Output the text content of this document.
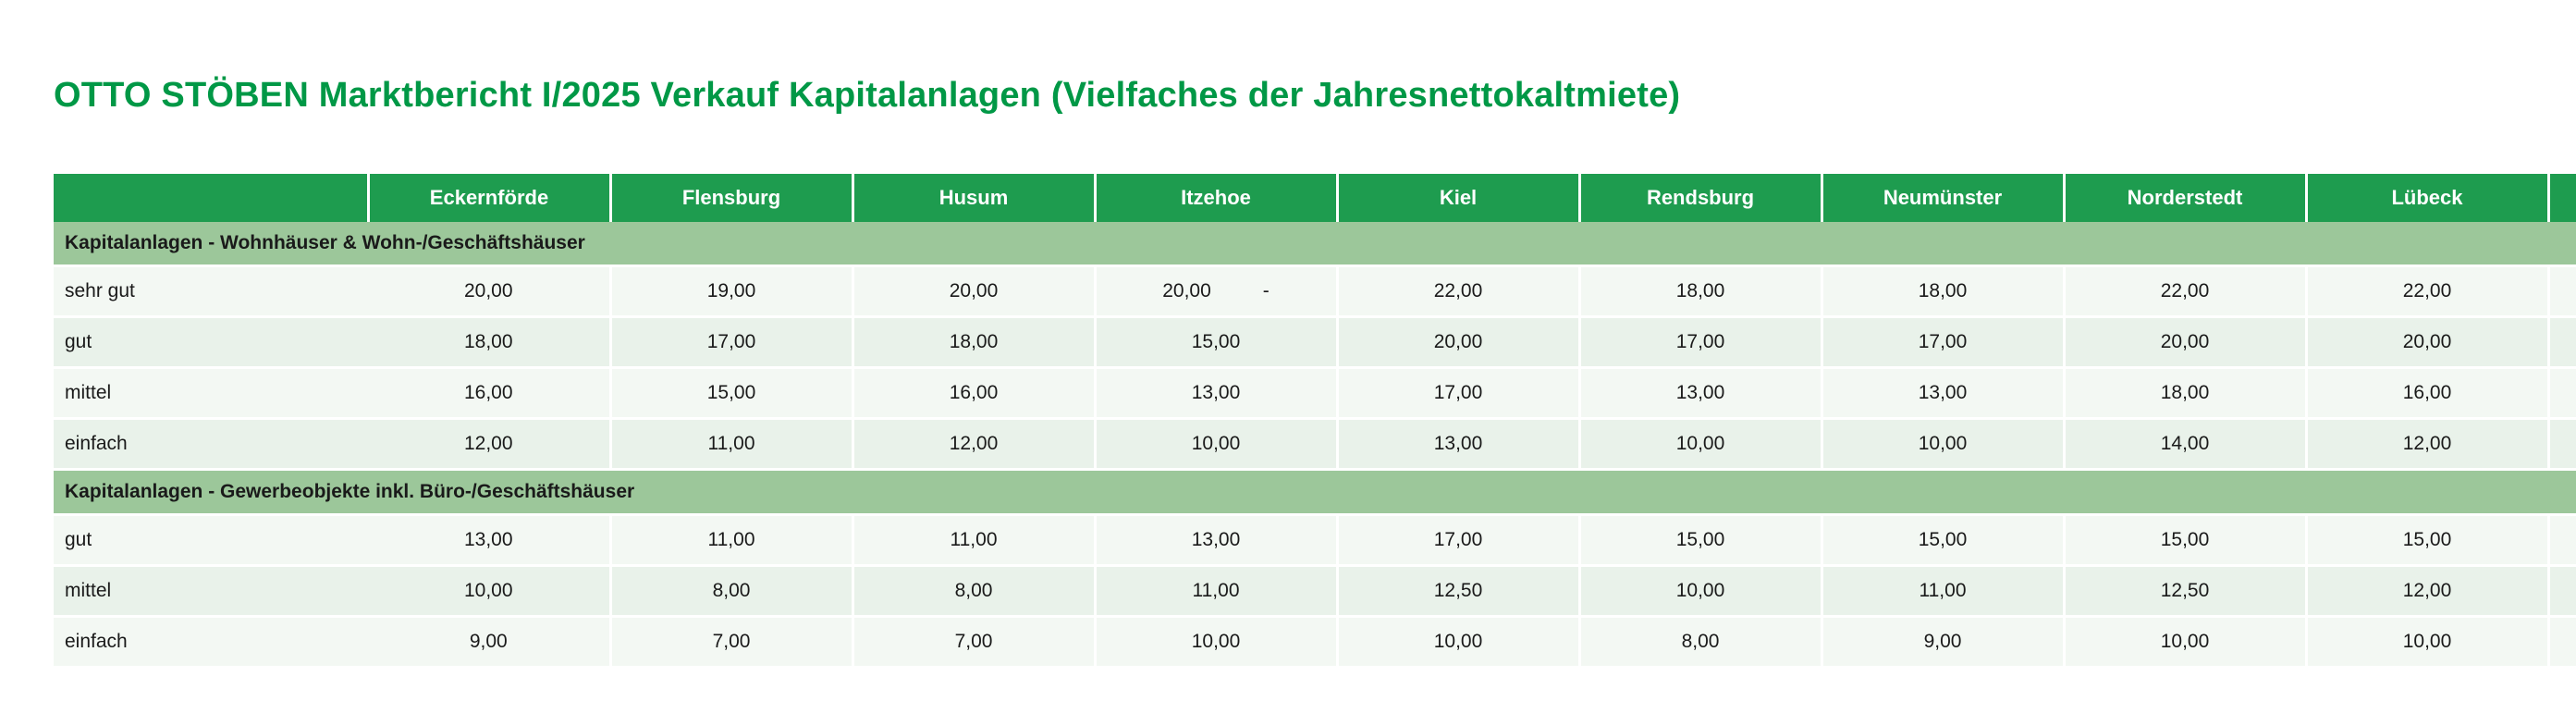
OTTO STÖBEN Marktbericht I/2025 Verkauf Kapitalanlagen (Vielfaches der Jahresnettokaltmiete)
	Eckernförde	Flensburg	Husum	Itzehoe	Kiel	Rendsburg	Neumünster	Norderstedt	Lübeck	
Kapitalanlagen - Wohnhäuser & Wohn-/Geschäftshäuser										
sehr gut	20,00	19,00	20,00	20,00 -	22,00	18,00	18,00	22,00	22,00	
gut	18,00	17,00	18,00	15,00	20,00	17,00	17,00	20,00	20,00	
mittel	16,00	15,00	16,00	13,00	17,00	13,00	13,00	18,00	16,00	
einfach	12,00	11,00	12,00	10,00	13,00	10,00	10,00	14,00	12,00	
Kapitalanlagen - Gewerbeobjekte inkl. Büro-/Geschäftshäuser										
gut	13,00	11,00	11,00	13,00	17,00	15,00	15,00	15,00	15,00	
mittel	10,00	8,00	8,00	11,00	12,50	10,00	11,00	12,50	12,00	
einfach	9,00	7,00	7,00	10,00	10,00	8,00	9,00	10,00	10,00	
